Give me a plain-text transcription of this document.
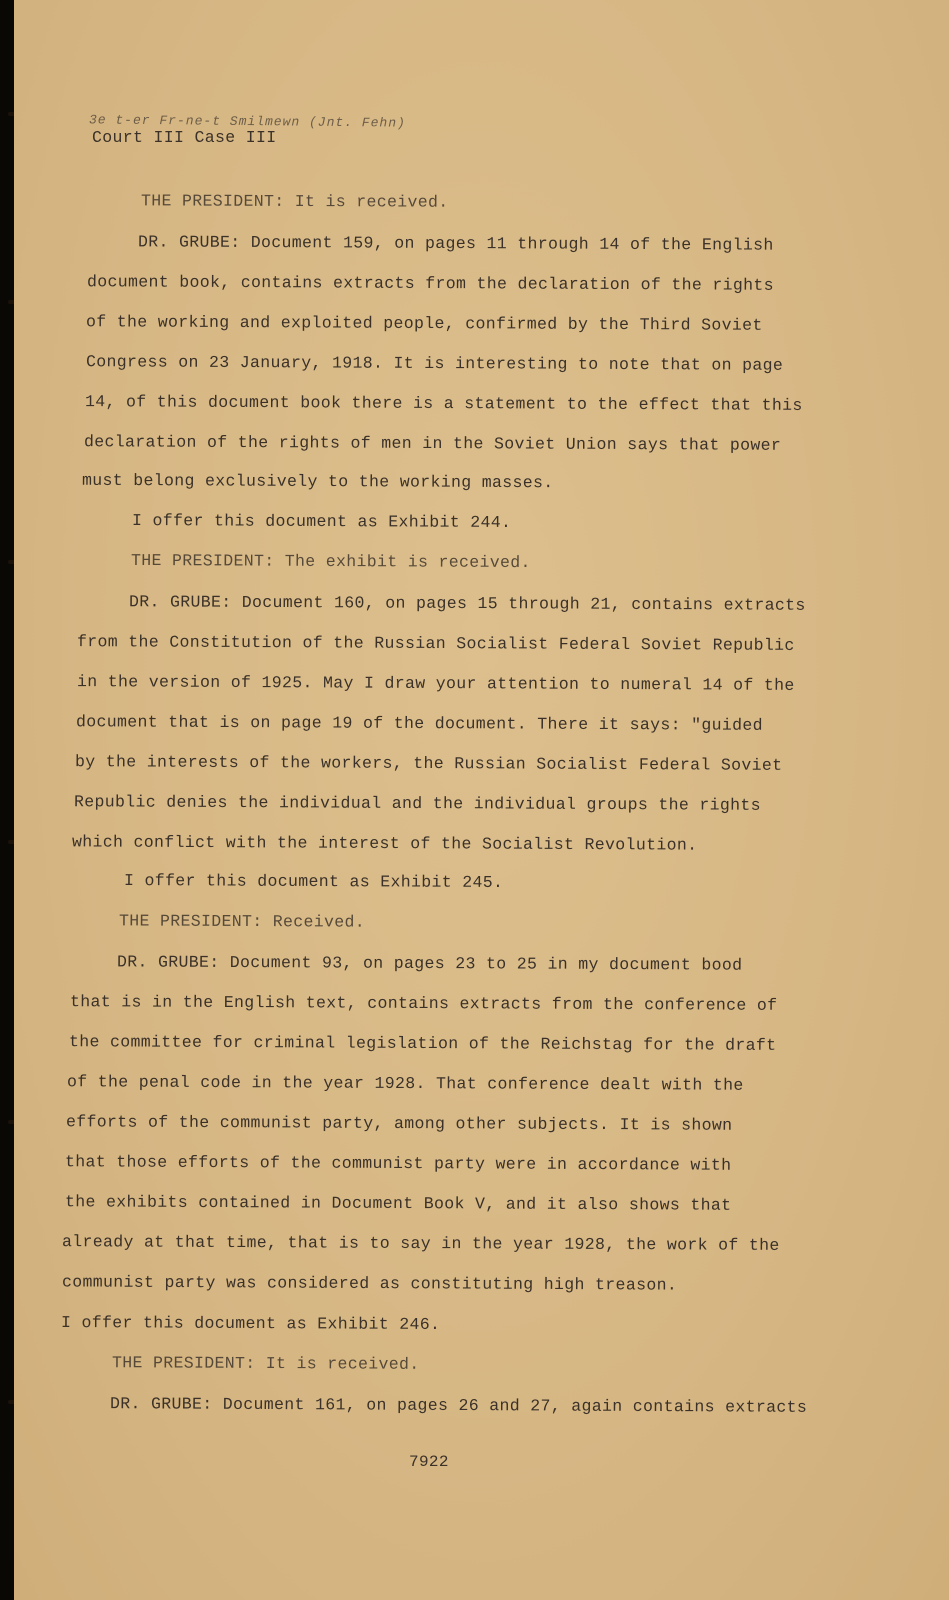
3e t-er Fr-ne-t Smilmewn (Jnt. Fehn)
Court III Case III
THE PRESIDENT: It is received.
DR. GRUBE: Document 159, on pages 11 through 14 of the English
document book, contains extracts from the declaration of the rights
of the working and exploited people, confirmed by the Third Soviet
Congress on 23 January, 1918. It is interesting to note that on page
14, of this document book there is a statement to the effect that this
declaration of the rights of men in the Soviet Union says that power
must belong exclusively to the working masses.
I offer this document as Exhibit 244.
THE PRESIDENT: The exhibit is received.
DR. GRUBE: Document 160, on pages 15 through 21, contains extracts
from the Constitution of the Russian Socialist Federal Soviet Republic
in the version of 1925. May I draw your attention to numeral 14 of the
document that is on page 19 of the document. There it says: "guided
by the interests of the workers, the Russian Socialist Federal Soviet
Republic denies the individual and the individual groups the rights
which conflict with the interest of the Socialist Revolution.
I offer this document as Exhibit 245.
THE PRESIDENT: Received.
DR. GRUBE: Document 93, on pages 23 to 25 in my document bood
that is in the English text, contains extracts from the conference of
the committee for criminal legislation of the Reichstag for the draft
of the penal code in the year 1928. That conference dealt with the
efforts of the communist party, among other subjects. It is shown
that those efforts of the communist party were in accordance with
the exhibits contained in Document Book V, and it also shows that
already at that time, that is to say in the year 1928, the work of the
communist party was considered as constituting high treason.
I offer this document as Exhibit 246.
THE PRESIDENT: It is received.
DR. GRUBE: Document 161, on pages 26 and 27, again contains extracts
7922
